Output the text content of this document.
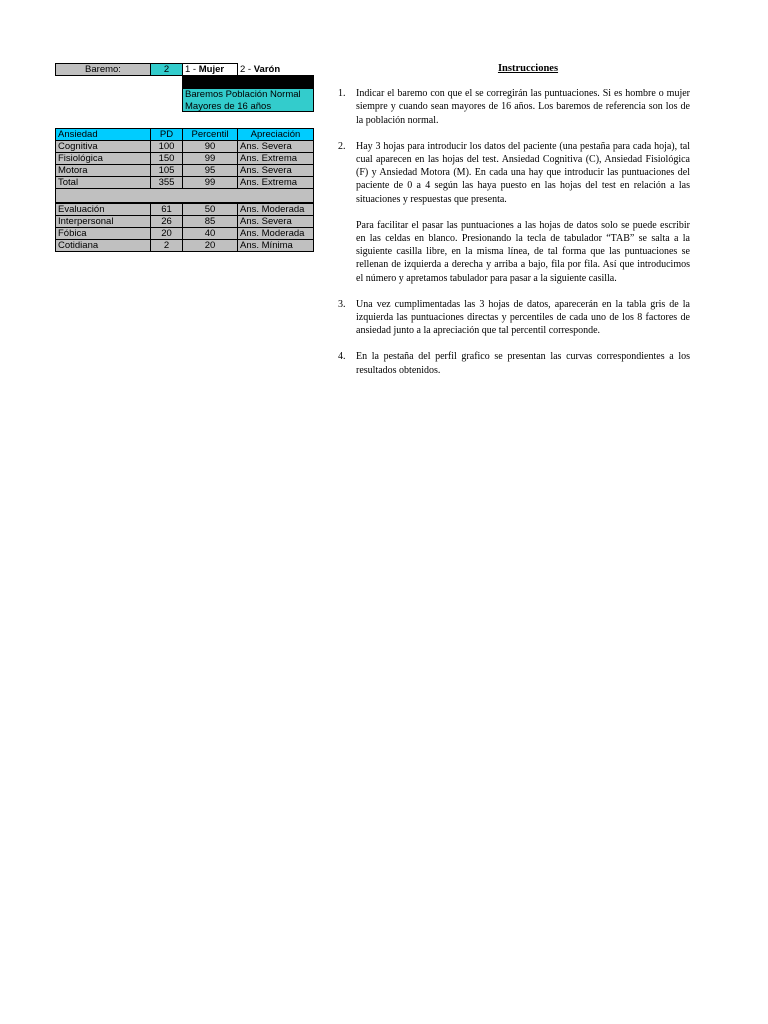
Baremo:	2	1 - Mujer	2 - Varón
Baremos Población Normal
Mayores de 16 años
Ansiedad	PD	Percentil	Apreciación
Cognitiva	100	90	Ans. Severa
Fisiológica	150	99	Ans. Extrema
Motora	105	95	Ans. Severa
Total	355	99	Ans. Extrema
Evaluación	61	50	Ans. Moderada
Interpersonal	26	85	Ans. Severa
Fóbica	20	40	Ans. Moderada
Cotidiana	2	20	Ans. Mínima
Instrucciones
1.	Indicar el baremo con que el se corregirán las puntuaciones. Si es hombre o mujer siempre y cuando sean mayores de 16 años. Los baremos de referencia son los de la población normal.
2.	Hay 3 hojas para introducir los datos del paciente (una pestaña para cada hoja), tal cual aparecen en las hojas del test. Ansiedad Cognitiva (C), Ansiedad Fisiológica (F) y Ansiedad Motora (M). En cada una hay que introducir las puntuaciones del paciente de 0 a 4 según las haya puesto en las hojas del test en relación a las situaciones y respuestas que presenta.
Para facilitar el pasar las puntuaciones a las hojas de datos solo se puede escribir en las celdas en blanco. Presionando la tecla de tabulador “TAB” se salta a la siguiente casilla libre, en la misma línea, de tal forma que las puntuaciones se rellenan de izquierda a derecha y arriba a bajo, fila por fila. Así que introducimos el número y apretamos tabulador para pasar a la siguiente casilla.
3.	Una vez cumplimentadas las 3 hojas de datos, aparecerán en la tabla gris de la izquierda las puntuaciones directas y percentiles de cada uno de los 8 factores de ansiedad junto a la apreciación que tal percentil corresponde.
4.	En la pestaña del perfil grafico se presentan las curvas correspondientes a los resultados obtenidos.
